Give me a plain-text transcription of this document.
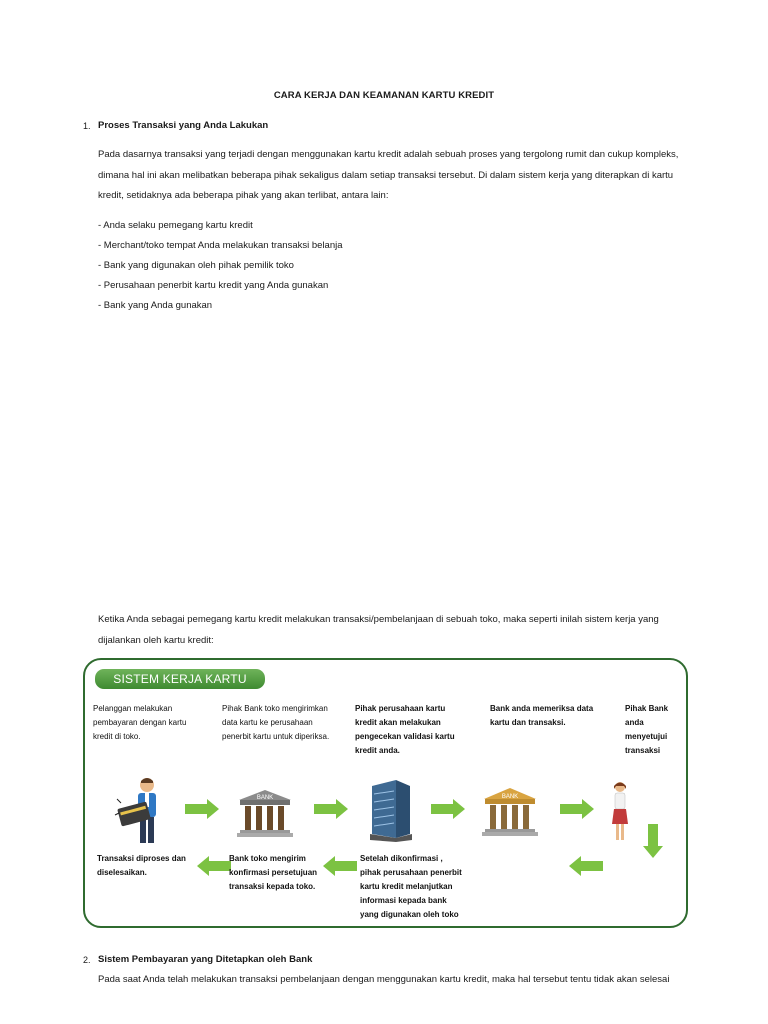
CARA KERJA DAN KEAMANAN KARTU KREDIT
1. Proses Transaksi yang Anda Lakukan
Pada dasarnya transaksi yang terjadi dengan menggunakan kartu kredit adalah sebuah proses yang tergolong rumit dan cukup kompleks,
dimana hal ini akan melibatkan beberapa pihak sekaligus dalam setiap transaksi tersebut. Di dalam sistem kerja yang diterapkan di kartu
kredit, setidaknya ada beberapa pihak yang akan terlibat, antara lain:
- Anda selaku pemegang kartu kredit
- Merchant/toko tempat Anda melakukan transaksi belanja
- Bank yang digunakan oleh pihak pemilik toko
- Perusahaan penerbit kartu kredit yang Anda gunakan
- Bank yang Anda gunakan
Ketika Anda sebagai pemegang kartu kredit melakukan transaksi/pembelanjaan di sebuah toko, maka seperti inilah sistem kerja yang
dijalankan oleh kartu kredit:
SISTEM KERJA KARTU KREDIT
Pelanggan melakukan
pembayaran dengan kartu
kredit di toko.
Pihak Bank toko mengirimkan
data kartu ke perusahaan
penerbit kartu untuk diperiksa.
Pihak perusahaan kartu
kredit akan melakukan
pengecekan validasi kartu
kredit anda.
Bank anda memeriksa data
kartu dan transaksi.
Pihak Bank
anda
menyetujui
transaksi
BANK	BANK
Transaksi diproses dan
diselesaikan.
Bank toko mengirim
konfirmasi persetujuan
transaksi kepada toko.
Setelah dikonfirmasi ,
pihak perusahaan penerbit
kartu kredit melanjutkan
informasi kepada bank
yang digunakan oleh toko
2. Sistem Pembayaran yang Ditetapkan oleh Bank
Pada saat Anda telah melakukan transaksi pembelanjaan dengan menggunakan kartu kredit, maka hal tersebut tentu tidak akan selesai
